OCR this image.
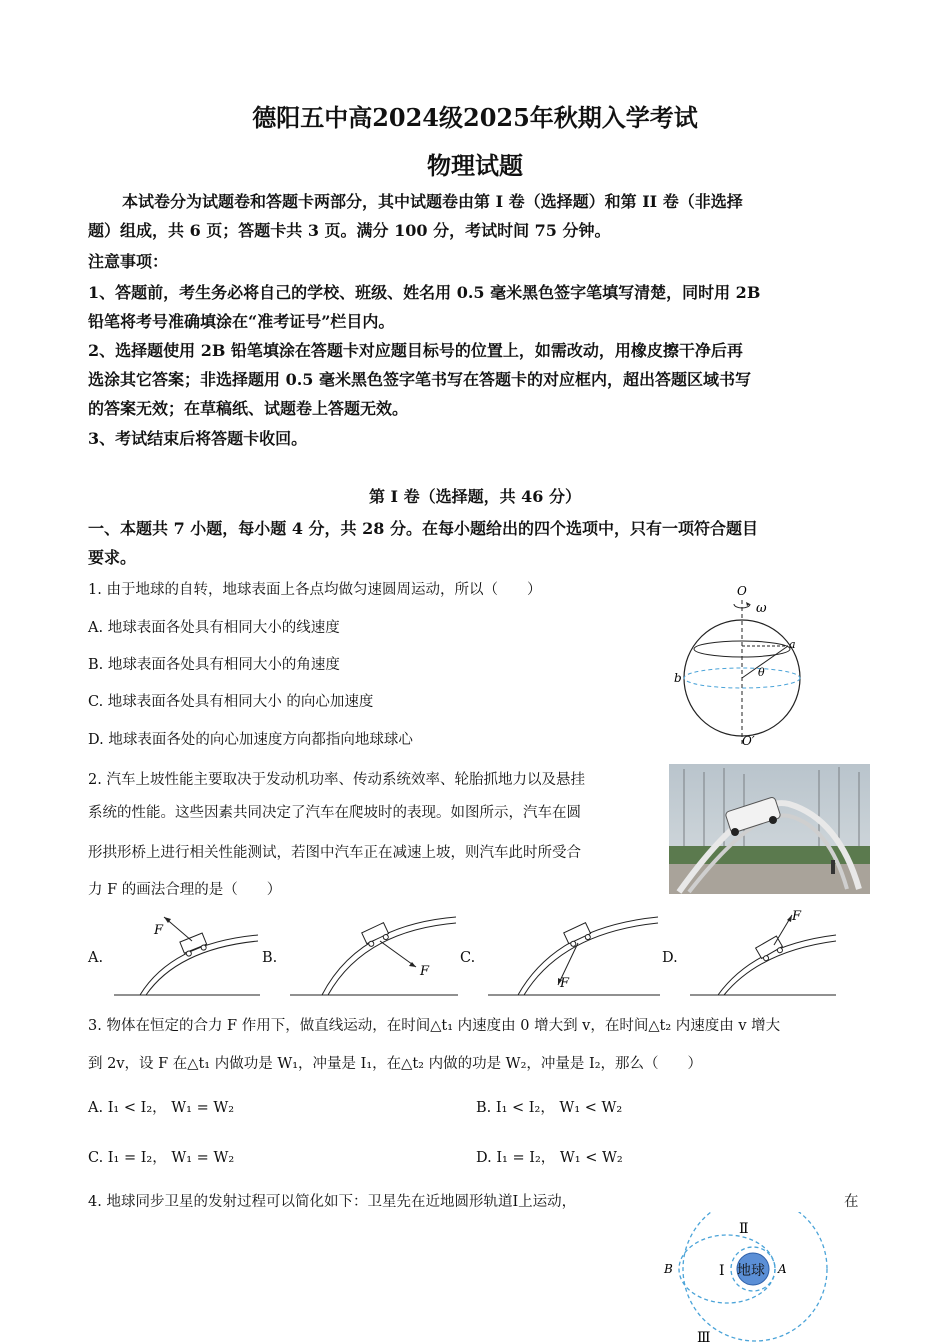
德阳五中高2024级2025年秋期入学考试
物理试题
本试卷分为试题卷和答题卡两部分，其中试题卷由第 I 卷（选择题）和第 II 卷（非选择
题）组成，共 6 页；答题卡共 3 页。满分 100 分，考试时间 75 分钟。
注意事项：
1、答题前，考生务必将自己的学校、班级、姓名用 0.5 毫米黑色签字笔填写清楚，同时用 2B
铅笔将考号准确填涂在“准考证号”栏目内。
2、选择题使用 2B 铅笔填涂在答题卡对应题目标号的位置上，如需改动，用橡皮擦干净后再
选涂其它答案；非选择题用 0.5 毫米黑色签字笔书写在答题卡的对应框内，超出答题区域书写
的答案无效；在草稿纸、试题卷上答题无效。
3、考试结束后将答题卡收回。
第 I 卷（选择题，共 46 分）
一、本题共 7 小题，每小题 4 分，共 28 分。在每小题给出的四个选项中，只有一项符合题目
要求。
1. 由于地球的自转，地球表面上各点均做匀速圆周运动，所以（　　）
A. 地球表面各处具有相同大小的线速度
B. 地球表面各处具有相同大小的角速度
C. 地球表面各处具有相同大小 的向心加速度
D. 地球表面各处的向心加速度方向都指向地球球心
O
ω
a
b	θ
O′
2. 汽车上坡性能主要取决于发动机功率、传动系统效率、轮胎抓地力以及悬挂
系统的性能。这些因素共同决定了汽车在爬坡时的表现。如图所示，汽车在圆
形拱形桥上进行相关性能测试，若图中汽车正在减速上坡，则汽车此时所受合
力 F 的画法合理的是（　　）
A.	B.	C.	D.
F
F
F
F
3. 物体在恒定的合力 F 作用下，做直线运动，在时间△t₁ 内速度由 0 增大到 v，在时间△t₂ 内速度由 v 增大
到 2v，设 F 在△t₁ 内做功是 W₁，冲量是 I₁，在△t₂ 内做的功是 W₂，冲量是 I₂，那么（　　）
A. I₁ < I₂， W₁ = W₂	B. I₁ < I₂， W₁ < W₂
C. I₁ = I₂， W₁ = W₂	D. I₁ = I₂， W₁ < W₂
4. 地球同步卫星的发射过程可以简化如下：卫星先在近地圆形轨道Ⅰ上运动，	在
地球
Ⅰ
Ⅱ
Ⅲ
A
B
